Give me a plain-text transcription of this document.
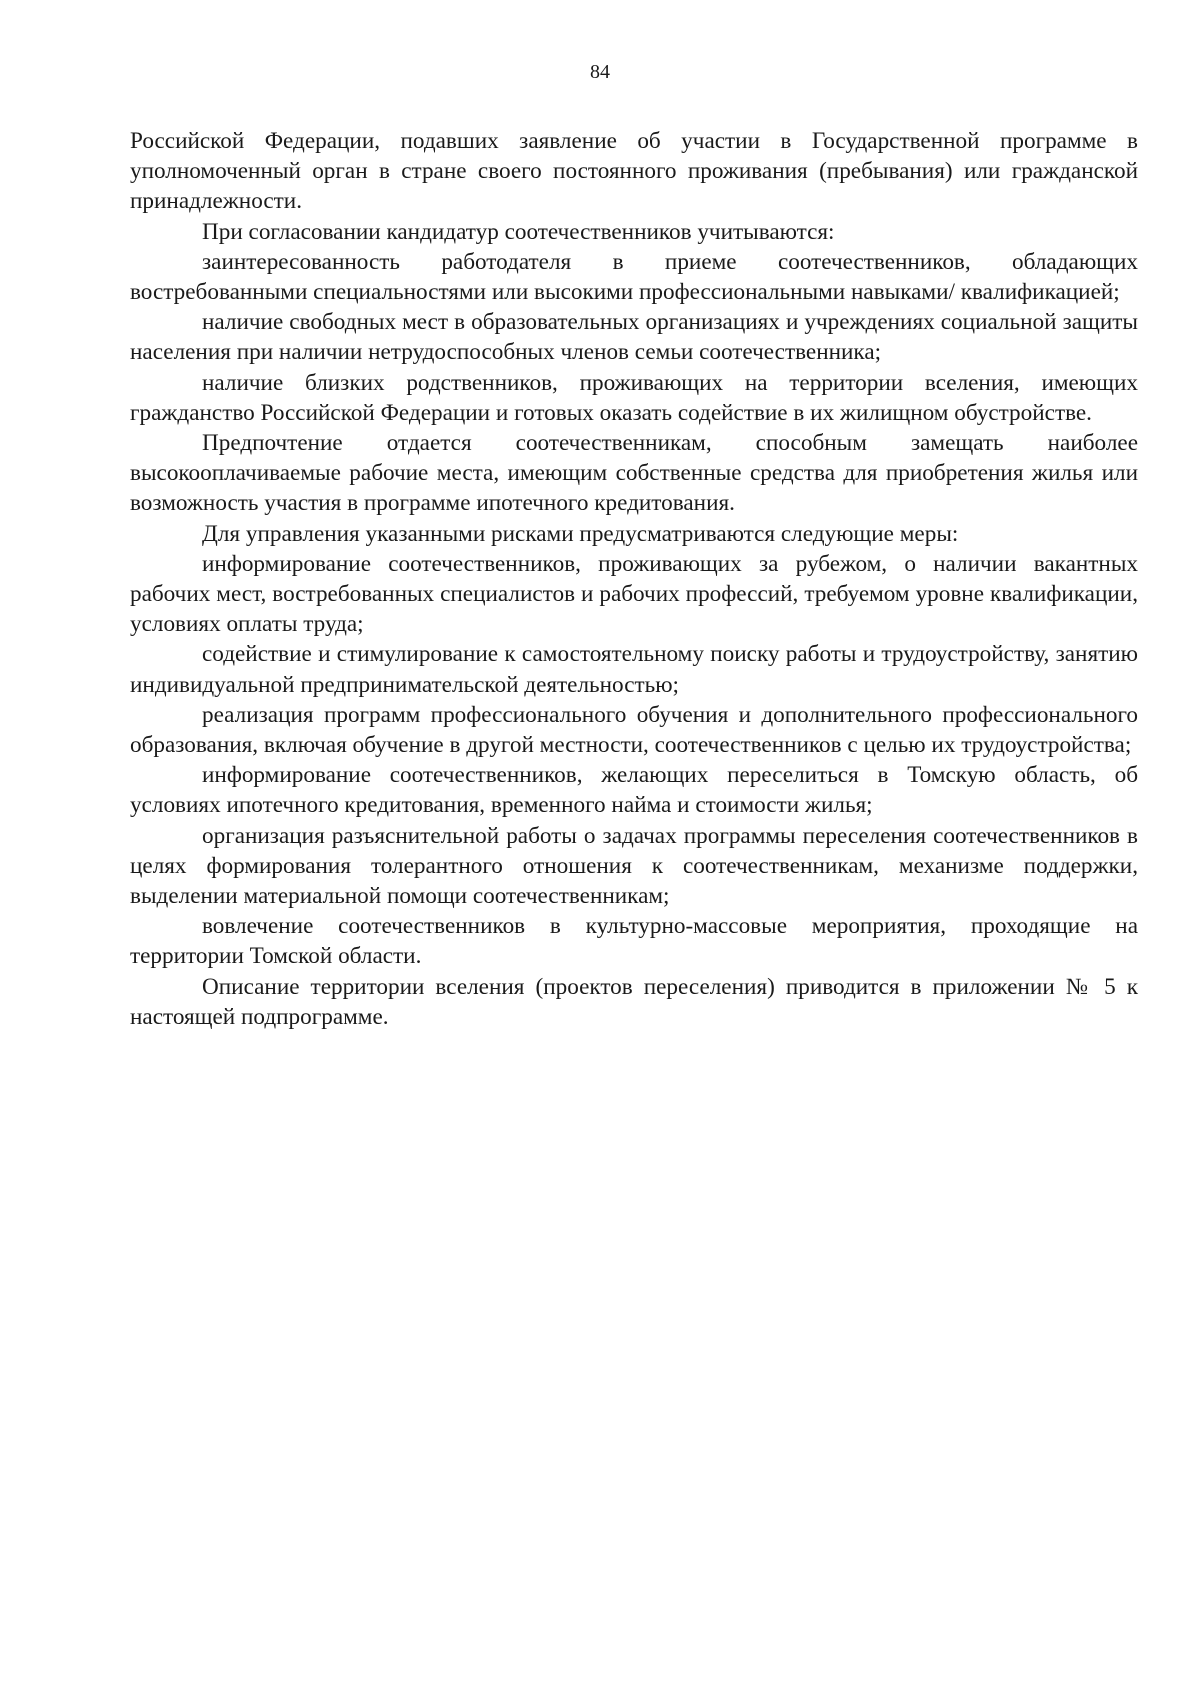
84

Российской Федерации, подавших заявление об участии в Государственной программе в уполномоченный орган в стране своего постоянного проживания (пребывания) или гражданской принадлежности.

При согласовании кандидатур соотечественников учитываются:

заинтересованность работодателя в приеме соотечественников, обладающих востребованными специальностями или высокими профессиональными навыками/ квалификацией;

наличие свободных мест в образовательных организациях и учреждениях социальной защиты населения при наличии нетрудоспособных членов семьи соотечественника;

наличие близких родственников, проживающих на территории вселения, имеющих гражданство Российской Федерации и готовых оказать содействие в их жилищном обустройстве.

Предпочтение отдается соотечественникам, способным замещать наиболее высокооплачиваемые рабочие места, имеющим собственные средства для приобретения жилья или возможность участия в программе ипотечного кредитования.

Для управления указанными рисками предусматриваются следующие меры:

информирование соотечественников, проживающих за рубежом, о наличии вакантных рабочих мест, востребованных специалистов и рабочих профессий, требуемом уровне квалификации, условиях оплаты труда;

содействие и стимулирование к самостоятельному поиску работы и трудоустройству, занятию индивидуальной предпринимательской деятельностью;

реализация программ профессионального обучения и дополнительного профессионального образования, включая обучение в другой местности, соотечественников с целью их трудоустройства;

информирование соотечественников, желающих переселиться в Томскую область, об условиях ипотечного кредитования, временного найма и стоимости жилья;

организация разъяснительной работы о задачах программы переселения соотечественников в целях формирования толерантного отношения к соотечественникам, механизме поддержки, выделении материальной помощи соотечественникам;

вовлечение соотечественников в культурно-массовые мероприятия, проходящие на территории Томской области.

Описание территории вселения (проектов переселения) приводится в приложении № 5 к настоящей подпрограмме.
